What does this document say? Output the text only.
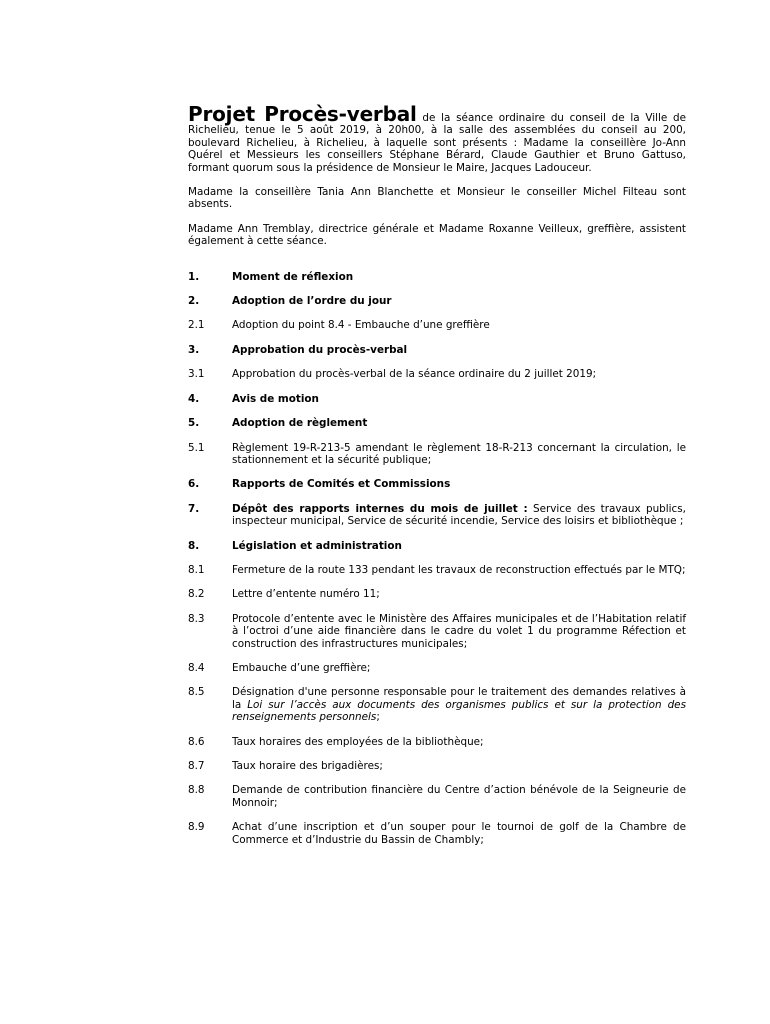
Projet Procès-verbal de la séance ordinaire du conseil de la Ville de Richelieu, tenue le 5 août 2019, à 20h00, à la salle des assemblées du conseil au 200, boulevard Richelieu, à Richelieu, à laquelle sont présents : Madame la conseillère Jo-Ann Quérel et Messieurs les conseillers Stéphane Bérard, Claude Gauthier et Bruno Gattuso, formant quorum sous la présidence de Monsieur le Maire, Jacques Ladouceur.

Madame la conseillère Tania Ann Blanchette et Monsieur le conseiller Michel Filteau sont absents.

Madame Ann Tremblay, directrice générale et Madame Roxanne Veilleux, greffière, assistent également à cette séance.

1.	Moment de réflexion
2.	Adoption de l’ordre du jour
2.1	Adoption du point 8.4 - Embauche d’une greffière
3.	Approbation du procès-verbal
3.1	Approbation du procès-verbal de la séance ordinaire du 2 juillet 2019;
4.	Avis de motion
5.	Adoption de règlement
5.1	Règlement 19-R-213-5 amendant le règlement 18-R-213 concernant la circulation, le stationnement et la sécurité publique;
6.	Rapports de Comités et Commissions
7.	Dépôt des rapports internes du mois de juillet : Service des travaux publics, inspecteur municipal, Service de sécurité incendie, Service des loisirs et bibliothèque ;
8.	Législation et administration
8.1	Fermeture de la route 133 pendant les travaux de reconstruction effectués par le MTQ;
8.2	Lettre d’entente numéro 11;
8.3	Protocole d’entente avec le Ministère des Affaires municipales et de l’Habitation relatif à l’octroi d’une aide financière dans le cadre du volet 1 du programme Réfection et construction des infrastructures municipales;
8.4	Embauche d’une greffière;
8.5	Désignation d'une personne responsable pour le traitement des demandes relatives à la Loi sur l’accès aux documents des organismes publics et sur la protection des renseignements personnels;
8.6	Taux horaires des employées de la bibliothèque;
8.7	Taux horaire des brigadières;
8.8	Demande de contribution financière du Centre d’action bénévole de la Seigneurie de Monnoir;
8.9	Achat d’une inscription et d’un souper pour le tournoi de golf de la Chambre de Commerce et d’Industrie du Bassin de Chambly;
